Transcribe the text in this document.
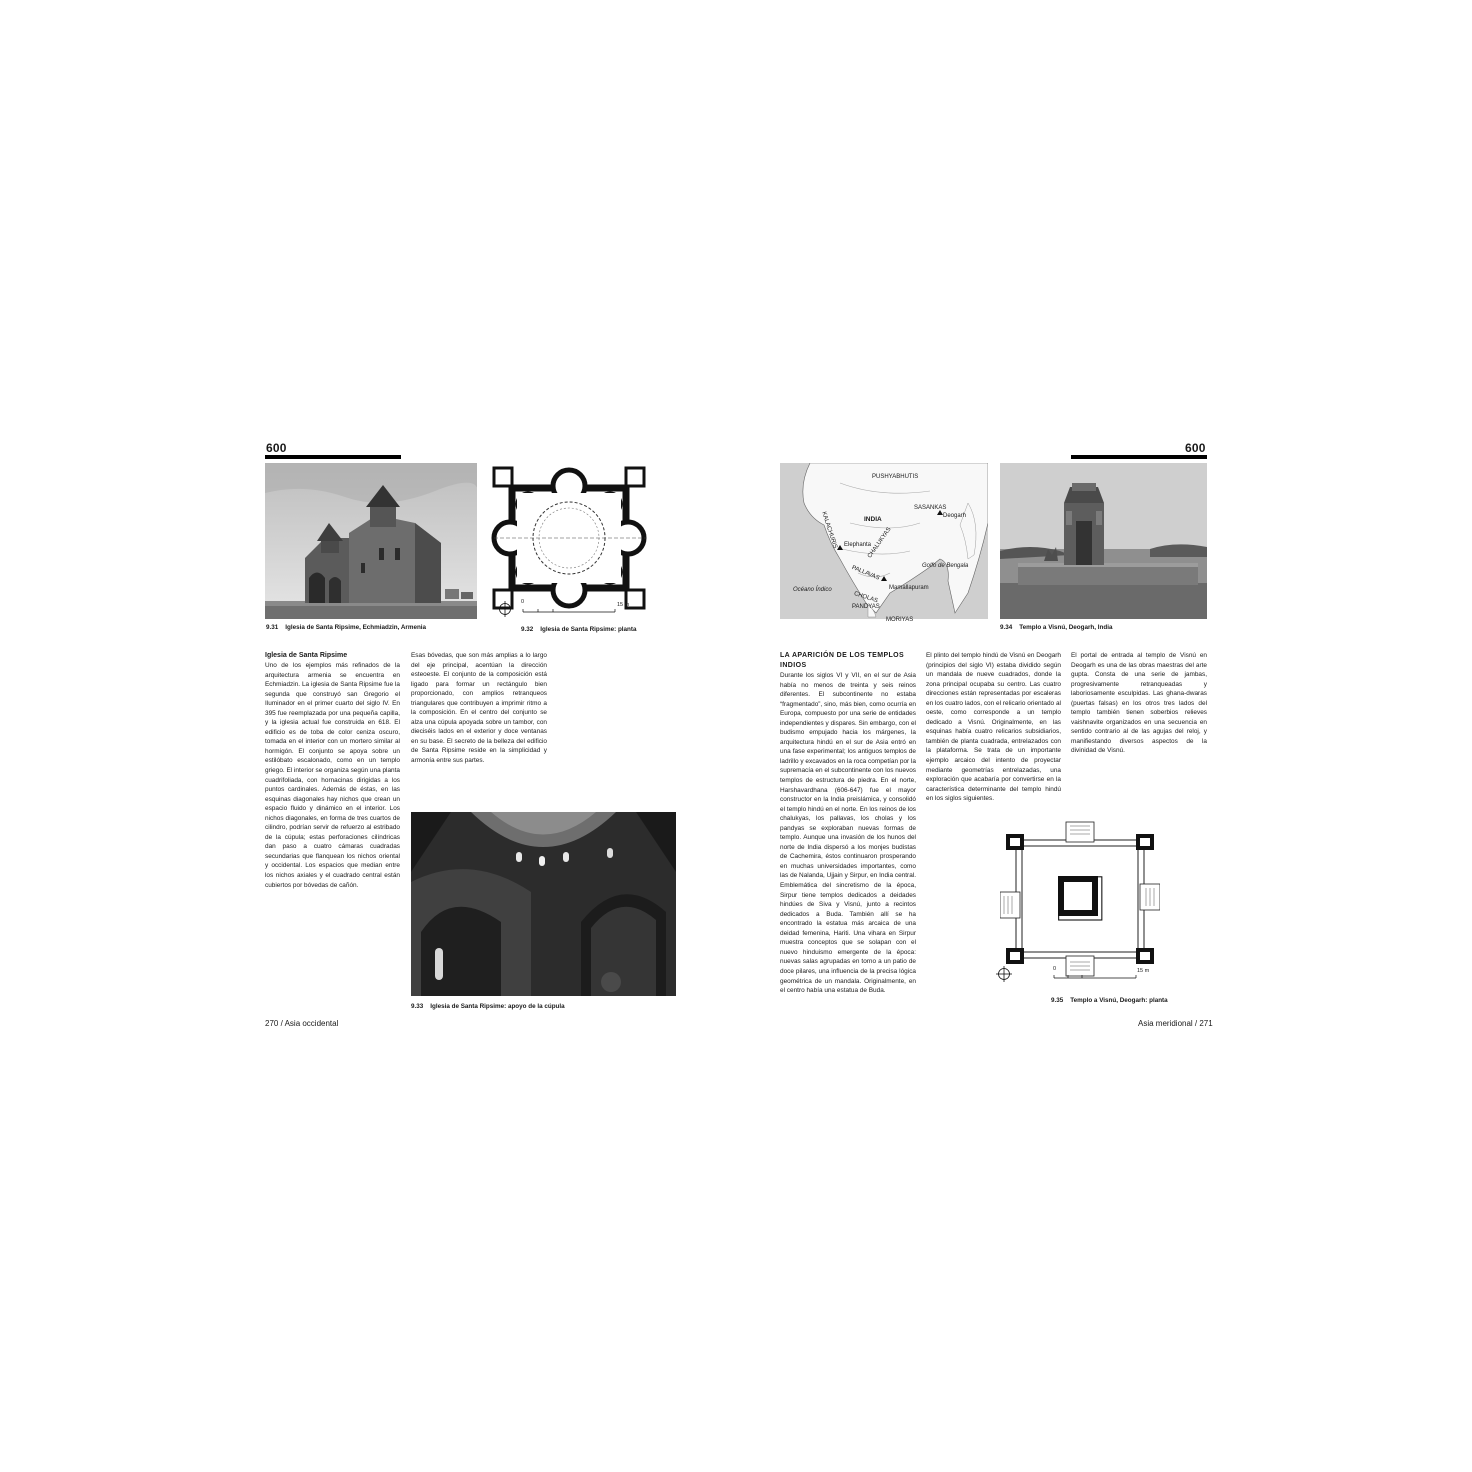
600
0	15 m
9.31 Iglesia de Santa Ripsime, Echmiadzin, Armenia	9.32 Iglesia de Santa Ripsime: planta

Iglesia de Santa Ripsime

Uno de los ejemplos más refinados de la arquitectura armenia se encuentra en Echmiadzin. La iglesia de Santa Ripsime fue la segunda que construyó san Gregorio el Iluminador en el primer cuarto del siglo IV. En 395 fue reemplazada por una pequeña capilla, y la iglesia actual fue construida en 618. El edificio es de toba de color ceniza oscuro, tomada en el interior con un mortero similar al hormigón. El conjunto se apoya sobre un estilóbato escalonado, como en un templo griego. El interior se organiza según una planta cuadrifoliada, con hornacinas dirigidas a los puntos cardinales. Además de éstas, en las esquinas diagonales hay nichos que crean un espacio fluido y dinámico en el interior. Los nichos diagonales, en forma de tres cuartos de cilindro, podrían servir de refuerzo al estribado de la cúpula; estas perforaciones cilíndricas dan paso a cuatro cámaras cuadradas secundarias que flanquean los nichos oriental y occidental. Los espacios que median entre los nichos axiales y el cuadrado central están cubiertos por bóvedas de cañón.

Esas bóvedas, que son más amplias a lo largo del eje principal, acentúan la dirección esteoeste. El conjunto de la composición está ligado para formar un rectángulo bien proporcionado, con amplios retranqueos triangulares que contribuyen a imprimir ritmo a la composición. En el centro del conjunto se alza una cúpula apoyada sobre un tambor, con dieciséis lados en el exterior y doce ventanas en su base. El secreto de la belleza del edificio de Santa Ripsime reside en la simplicidad y armonía entre sus partes.

9.33 Iglesia de Santa Ripsime: apoyo de la cúpula
270 / Asia occidental
600
PUSHYABHUTIS
SASANKAS
Deogarh
INDIA
KALACHURIS	CHALUKYAS
Elephanta
Golfo de Bengala
PALLAVAS
Océano Índico	Mamallapuram
CHOLAS
PANDYAS
MORIYAS
9.34 Templo a Visnú, Deogarh, India

LA APARICIÓN DE LOS TEMPLOS INDIOS

Durante los siglos VI y VII, en el sur de Asia había no menos de treinta y seis reinos diferentes. El subcontinente no estaba “fragmentado”, sino, más bien, como ocurría en Europa, compuesto por una serie de entidades independientes y dispares. Sin embargo, con el budismo empujado hacia los márgenes, la arquitectura hindú en el sur de Asia entró en una fase experimental; los antiguos templos de ladrillo y excavados en la roca competían por la supremacía en el subcontinente con los nuevos templos de estructura de piedra. En el norte, Harshavardhana (606-647) fue el mayor constructor en la India preislámica, y consolidó el templo hindú en el norte. En los reinos de los chalukyas, los pallavas, los cholas y los pandyas se exploraban nuevas formas de templo. Aunque una invasión de los hunos del norte de India dispersó a los monjes budistas de Cachemira, éstos continuaron prosperando en muchas universidades importantes, como las de Nalanda, Ujjain y Sirpur, en India central. Emblemática del sincretismo de la época, Sirpur tiene templos dedicados a deidades hindúes de Siva y Visnú, junto a recintos dedicados a Buda. También allí se ha encontrado la estatua más arcaica de una deidad femenina, Hariti. Una vihara en Sirpur muestra conceptos que se solapan con el nuevo hinduismo emergente de la época: nuevas salas agrupadas en torno a un patio de doce pilares, una influencia de la precisa lógica geométrica de un mandala. Originalmente, en el centro había una estatua de Buda.

El plinto del templo hindú de Visnú en Deogarh (principios del siglo VI) estaba dividido según un mandala de nueve cuadrados, donde la zona principal ocupaba su centro. Las cuatro direcciones están representadas por escaleras en los cuatro lados, con el relicario orientado al oeste, como corresponde a un templo dedicado a Visnú. Originalmente, en las esquinas había cuatro relicarios subsidiarios, también de planta cuadrada, entrelazados con la plataforma. Se trata de un importante ejemplo arcaico del intento de proyectar mediante geometrías entrelazadas, una exploración que acabaría por convertirse en la característica determinante del templo hindú en los siglos siguientes.

El portal de entrada al templo de Visnú en Deogarh es una de las obras maestras del arte gupta. Consta de una serie de jambas, progresivamente retranqueadas y laboriosamente esculpidas. Las ghana-dwaras (puertas falsas) en los otros tres lados del templo también tienen soberbios relieves vaishnavite organizados en una secuencia en sentido contrario al de las agujas del reloj, y manifiestando diversos aspectos de la divinidad de Visnú.

0	15 m
9.35 Templo a Visnú, Deogarh: planta
Asia meridional / 271
